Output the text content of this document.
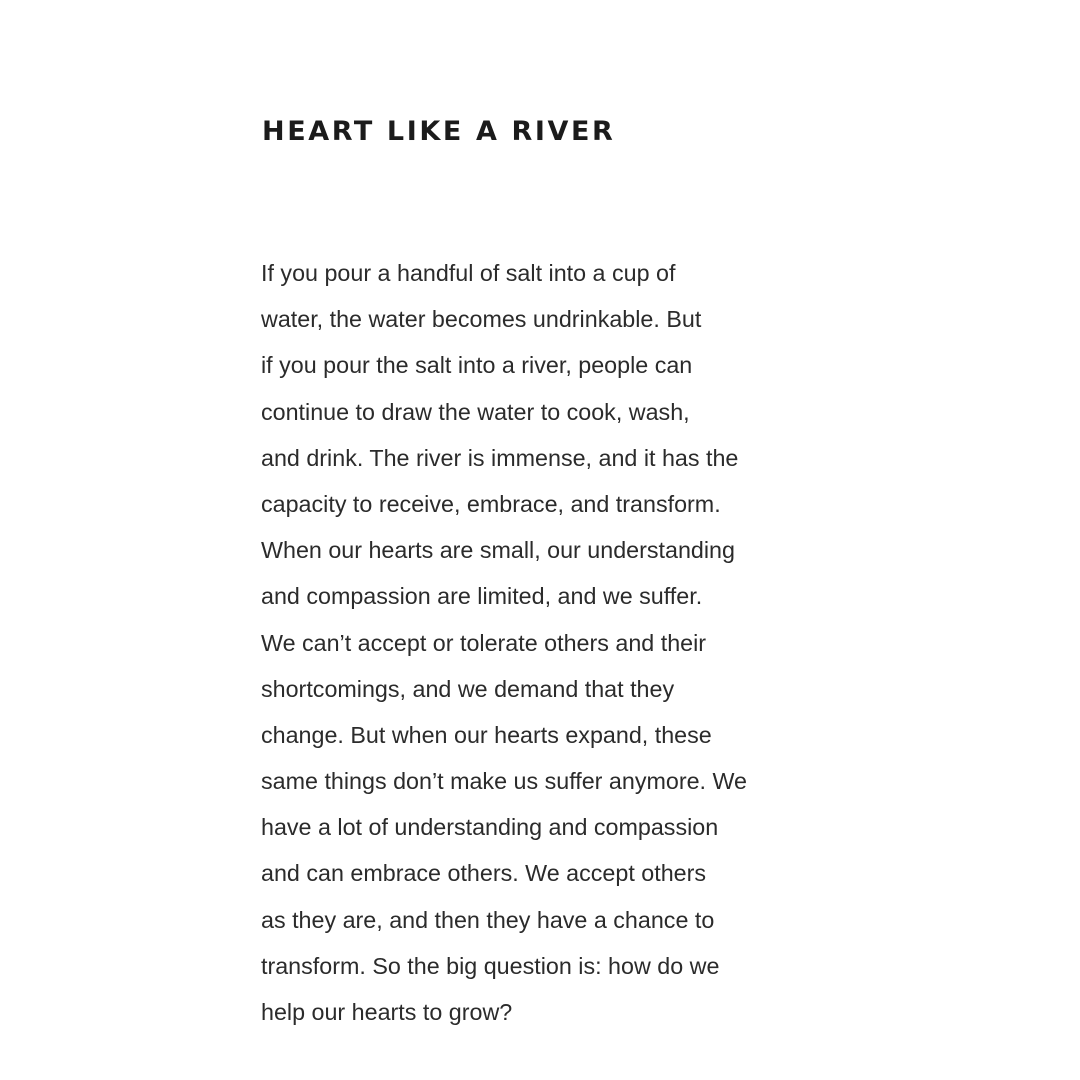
HEART LIKE A RIVER
If you pour a handful of salt into a cup of
water, the water becomes undrinkable. But
if you pour the salt into a river, people can
continue to draw the water to cook, wash,
and drink. The river is immense, and it has the
capacity to receive, embrace, and transform.
When our hearts are small, our understanding
and compassion are limited, and we suffer.
We can’t accept or tolerate others and their
shortcomings, and we demand that they
change. But when our hearts expand, these
same things don’t make us suffer anymore. We
have a lot of understanding and compassion
and can embrace others. We accept others
as they are, and then they have a chance to
transform. So the big question is: how do we
help our hearts to grow?
